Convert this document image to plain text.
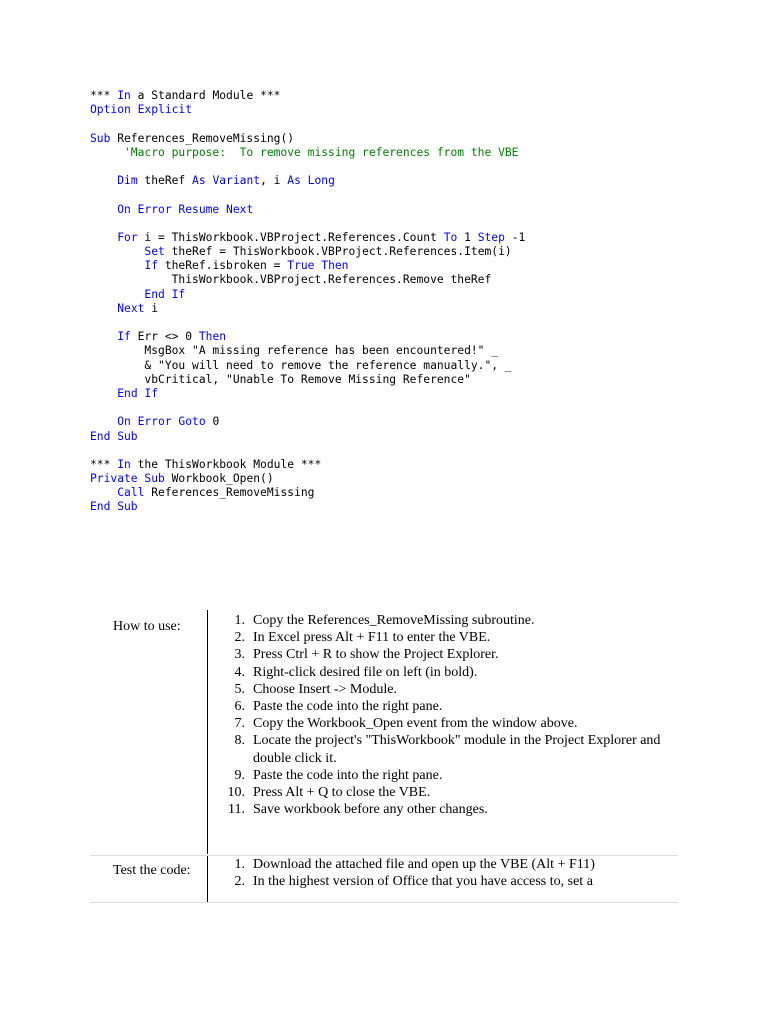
*** In a Standard Module ***
Option Explicit
Sub References_RemoveMissing()
'Macro purpose:  To remove missing references from the VBE
Dim theRef As Variant, i As Long
On Error Resume Next
For i = ThisWorkbook.VBProject.References.Count To 1 Step -1
Set theRef = ThisWorkbook.VBProject.References.Item(i)
If theRef.isbroken = True Then
ThisWorkbook.VBProject.References.Remove theRef
End If
Next i
If Err <> 0 Then
MsgBox "A missing reference has been encountered!" _
& "You will need to remove the reference manually.", _
vbCritical, "Unable To Remove Missing Reference"
End If
On Error Goto 0
End Sub
*** In the ThisWorkbook Module ***
Private Sub Workbook_Open()
Call References_RemoveMissing
End Sub
How to use:	1. Copy the References_RemoveMissing subroutine.
2. In Excel press Alt + F11 to enter the VBE.
3. Press Ctrl + R to show the Project Explorer.
4. Right-click desired file on left (in bold).
5. Choose Insert -> Module.
6. Paste the code into the right pane.
7. Copy the Workbook_Open event from the window above.
8. Locate the project's "ThisWorkbook" module in the Project Explorer and double click it.
9. Paste the code into the right pane.
10. Press Alt + Q to close the VBE.
11. Save workbook before any other changes.
Test the code:	1. Download the attached file and open up the VBE (Alt + F11)
2. In the highest version of Office that you have access to, set a
